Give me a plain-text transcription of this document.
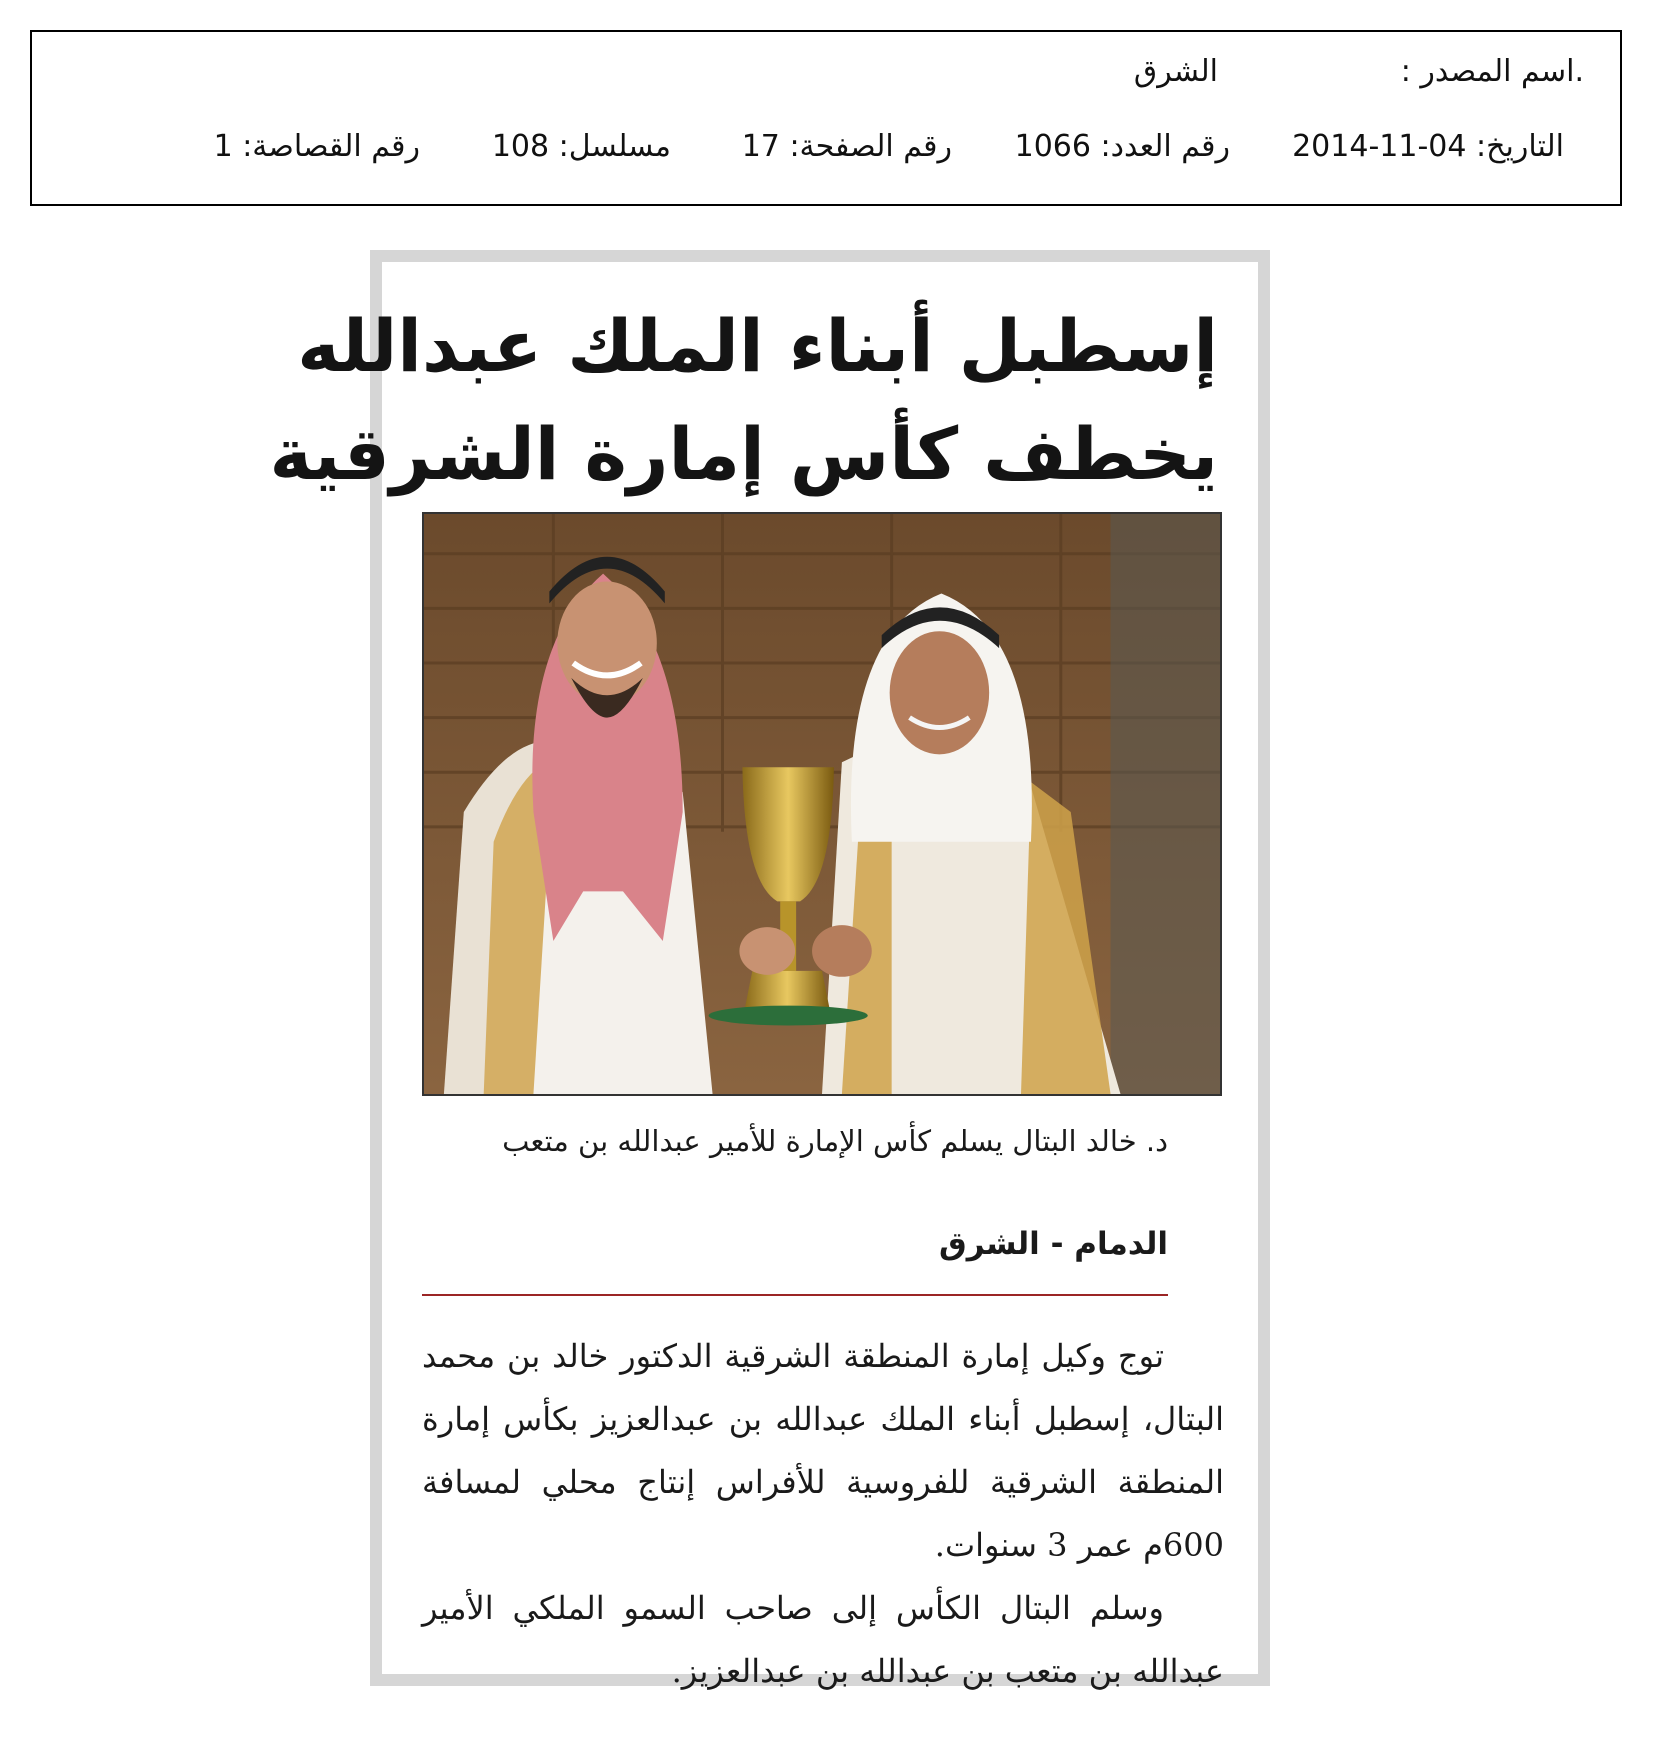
.اسم المصدر :
الشرق
التاريخ: 04-11-2014
رقم العدد: 1066
رقم الصفحة: 17
مسلسل: 108
رقم القصاصة: 1
إسطبل أبناء الملك عبدالله
يخطف كأس إمارة الشرقية
د. خالد البتال يسلم كأس الإمارة للأمير عبدالله بن متعب
الدمام - الشرق

توج وكيل إمارة المنطقة الشرقية الدكتور خالد بن محمد البتال، إسطبل أبناء الملك عبدالله بن عبدالعزيز بكأس إمارة المنطقة الشرقية للفروسية للأفراس إنتاج محلي لمسافة 600م عمر 3 سنوات.

وسلم البتال الكأس إلى صاحب السمو الملكي الأمير عبدالله بن متعب بن عبدالله بن عبدالعزيز.
